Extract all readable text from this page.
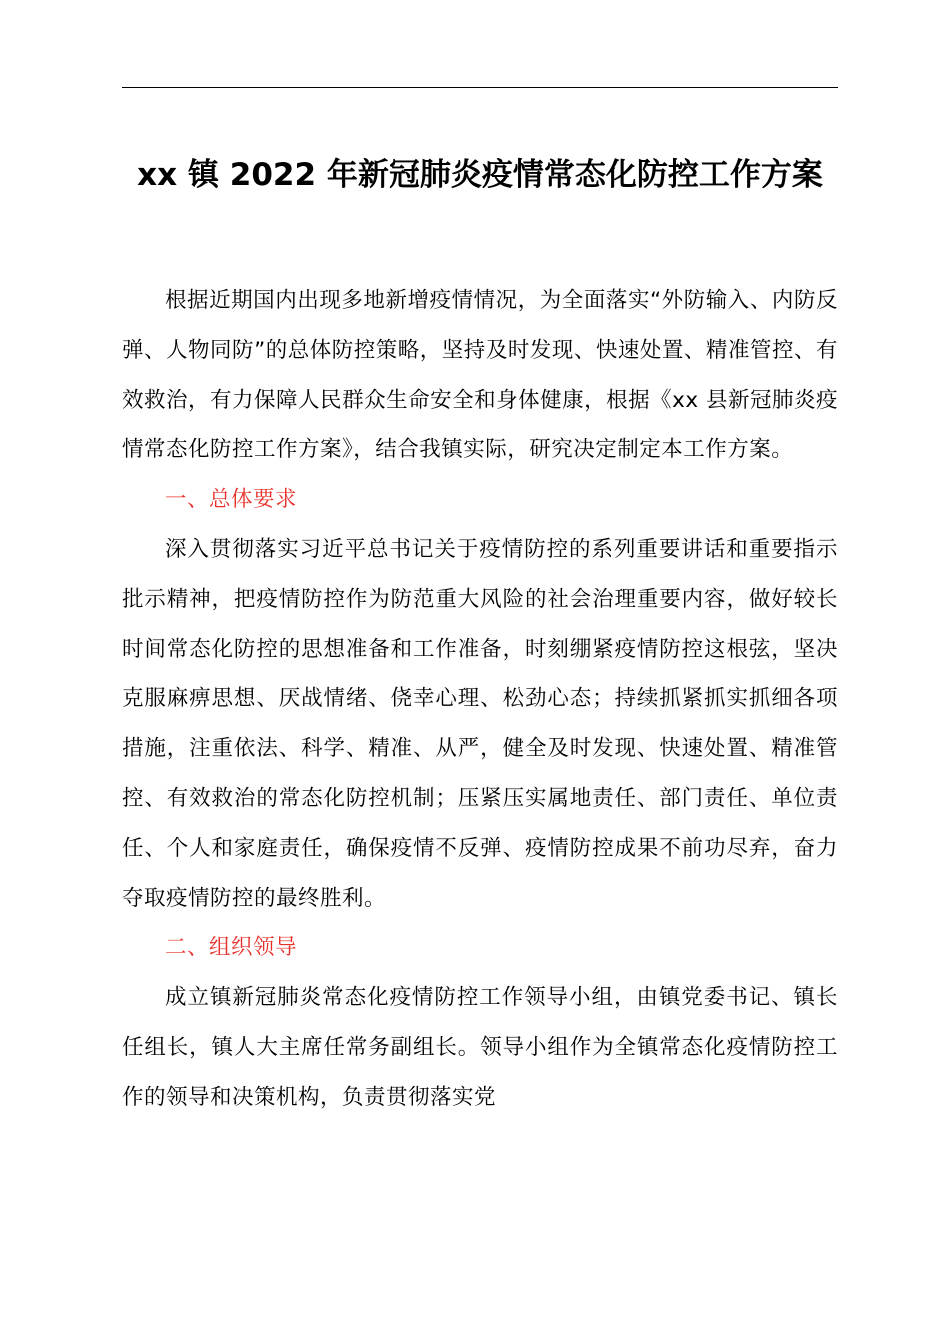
xx 镇 2022 年新冠肺炎疫情常态化防控工作方案

根据近期国内出现多地新增疫情情况，为全面落实“外防输入、内防反弹、人物同防”的总体防控策略，坚持及时发现、快速处置、精准管控、有效救治，有力保障人民群众生命安全和身体健康，根据《xx 县新冠肺炎疫情常态化防控工作方案》，结合我镇实际，研究决定制定本工作方案。

一、总体要求

深入贯彻落实习近平总书记关于疫情防控的系列重要讲话和重要指示批示精神，把疫情防控作为防范重大风险的社会治理重要内容，做好较长时间常态化防控的思想准备和工作准备，时刻绷紧疫情防控这根弦，坚决克服麻痹思想、厌战情绪、侥幸心理、松劲心态；持续抓紧抓实抓细各项措施，注重依法、科学、精准、从严，健全及时发现、快速处置、精准管控、有效救治的常态化防控机制；压紧压实属地责任、部门责任、单位责任、个人和家庭责任，确保疫情不反弹、疫情防控成果不前功尽弃，奋力夺取疫情防控的最终胜利。

二、组织领导

成立镇新冠肺炎常态化疫情防控工作领导小组，由镇党委书记、镇长任组长，镇人大主席任常务副组长。领导小组作为全镇常态化疫情防控工作的领导和决策机构，负责贯彻落实党
